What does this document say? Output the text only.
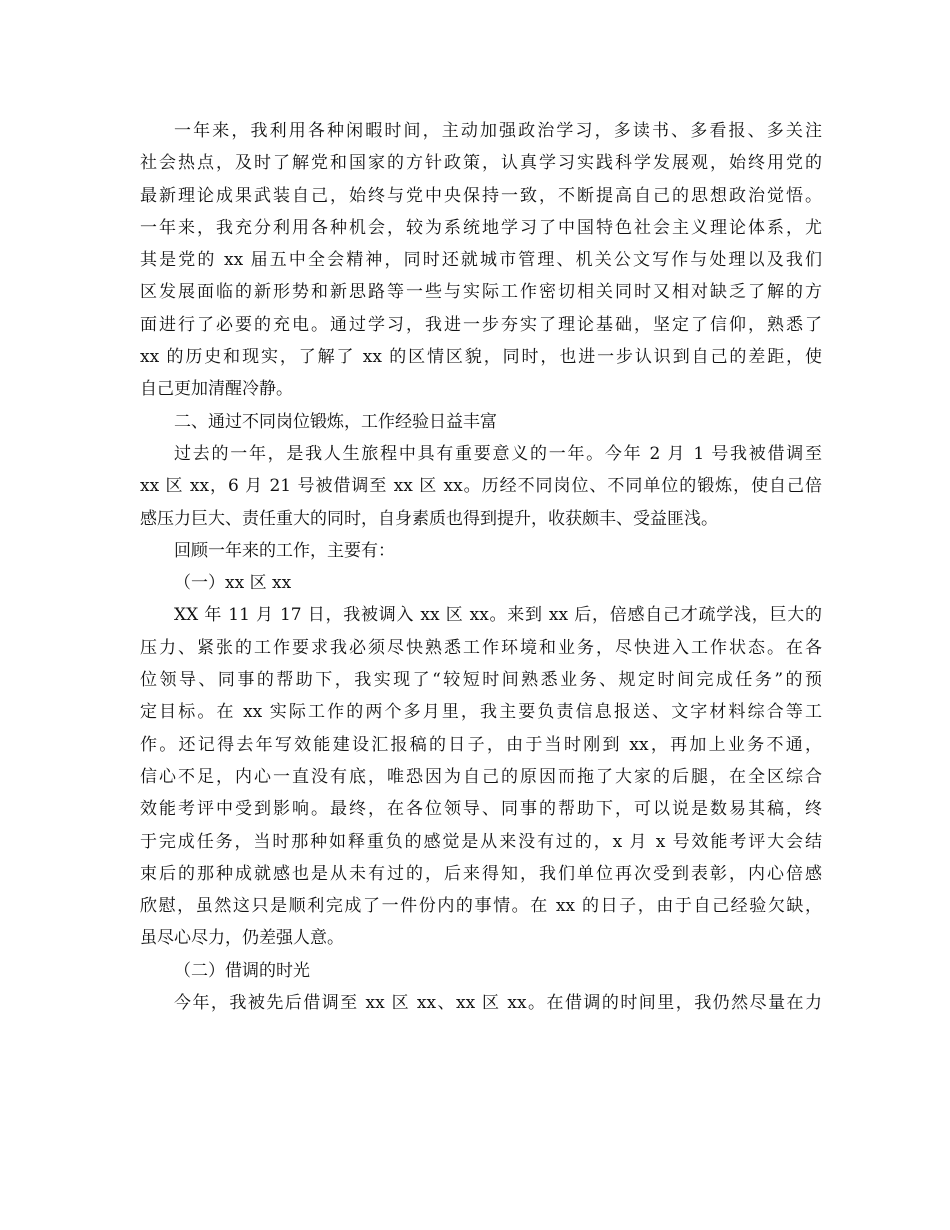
一年来，我利用各种闲暇时间，主动加强政治学习，多读书、多看报、多关注
社会热点，及时了解党和国家的方针政策，认真学习实践科学发展观，始终用党的
最新理论成果武装自己，始终与党中央保持一致，不断提高自己的思想政治觉悟。
一年来，我充分利用各种机会，较为系统地学习了中国特色社会主义理论体系，尤
其是党的 xx 届五中全会精神，同时还就城市管理、机关公文写作与处理以及我们
区发展面临的新形势和新思路等一些与实际工作密切相关同时又相对缺乏了解的方
面进行了必要的充电。通过学习，我进一步夯实了理论基础，坚定了信仰，熟悉了
xx 的历史和现实，了解了 xx 的区情区貌，同时，也进一步认识到自己的差距，使
自己更加清醒冷静。
二、通过不同岗位锻炼，工作经验日益丰富
过去的一年，是我人生旅程中具有重要意义的一年。今年 2 月 1 号我被借调至
xx 区 xx，6 月 21 号被借调至 xx 区 xx。历经不同岗位、不同单位的锻炼，使自己倍
感压力巨大、责任重大的同时，自身素质也得到提升，收获颇丰、受益匪浅。
回顾一年来的工作，主要有：
（一）xx 区 xx
XX 年 11 月 17 日，我被调入 xx 区 xx。来到 xx 后，倍感自己才疏学浅，巨大的
压力、紧张的工作要求我必须尽快熟悉工作环境和业务，尽快进入工作状态。在各
位领导、同事的帮助下，我实现了“较短时间熟悉业务、规定时间完成任务”的预
定目标。在 xx 实际工作的两个多月里，我主要负责信息报送、文字材料综合等工
作。还记得去年写效能建设汇报稿的日子，由于当时刚到 xx，再加上业务不通，
信心不足，内心一直没有底，唯恐因为自己的原因而拖了大家的后腿，在全区综合
效能考评中受到影响。最终，在各位领导、同事的帮助下，可以说是数易其稿，终
于完成任务，当时那种如释重负的感觉是从来没有过的，x 月 x 号效能考评大会结
束后的那种成就感也是从未有过的，后来得知，我们单位再次受到表彰，内心倍感
欣慰，虽然这只是顺利完成了一件份内的事情。在 xx 的日子，由于自己经验欠缺，
虽尽心尽力，仍差强人意。
（二）借调的时光
今年，我被先后借调至 xx 区 xx、xx 区 xx。在借调的时间里，我仍然尽量在力
